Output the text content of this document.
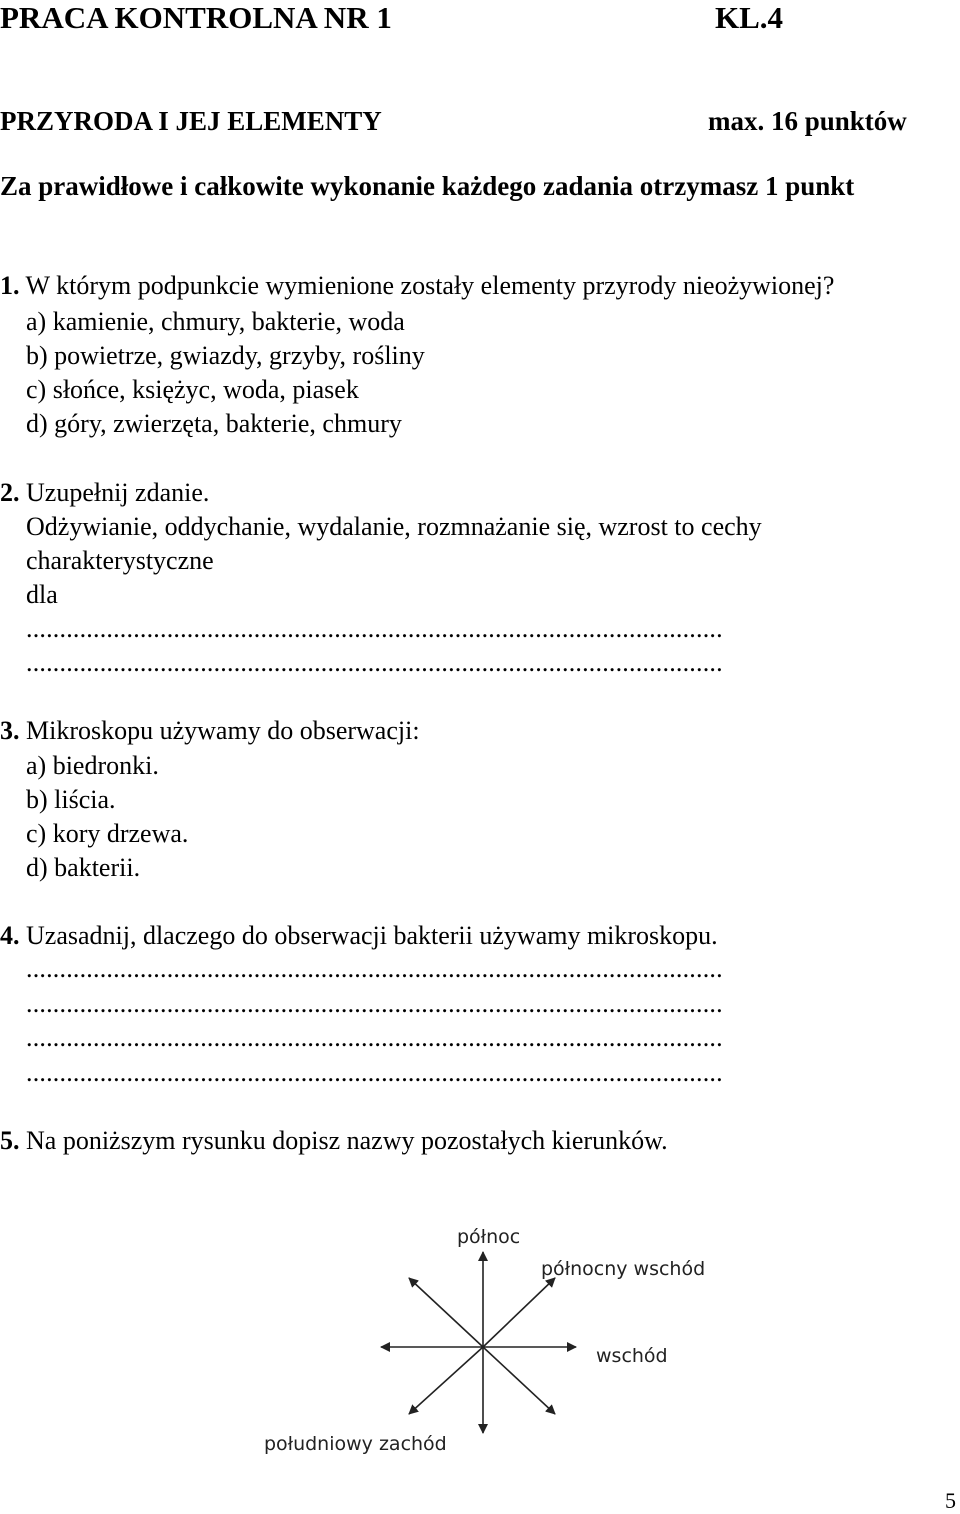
PRACA KONTROLNA NR 1	KL.4
PRZYRODA I JEJ ELEMENTY	max. 16 punktów
Za prawidłowe i całkowite wykonanie każdego zadania otrzymasz 1 punkt
1. W którym podpunkcie wymienione zostały elementy przyrody nieożywionej?
a) kamienie, chmury, bakterie, woda
b) powietrze, gwiazdy, grzyby, rośliny
c) słońce, księżyc, woda, piasek
d) góry, zwierzęta, bakterie, chmury
2. Uzupełnij zdanie.
Odżywianie, oddychanie, wydalanie, rozmnażanie się, wzrost to cechy
charakterystyczne
dla
........................................................................................................
........................................................................................................
3. Mikroskopu używamy do obserwacji:
a) biedronki.
b) liścia.
c) kory drzewa.
d) bakterii.
4. Uzasadnij, dlaczego do obserwacji bakterii używamy mikroskopu.
........................................................................................................
........................................................................................................
........................................................................................................
........................................................................................................
5. Na poniższym rysunku dopisz nazwy pozostałych kierunków.
północ
północny wschód
wschód
południowy zachód
5
